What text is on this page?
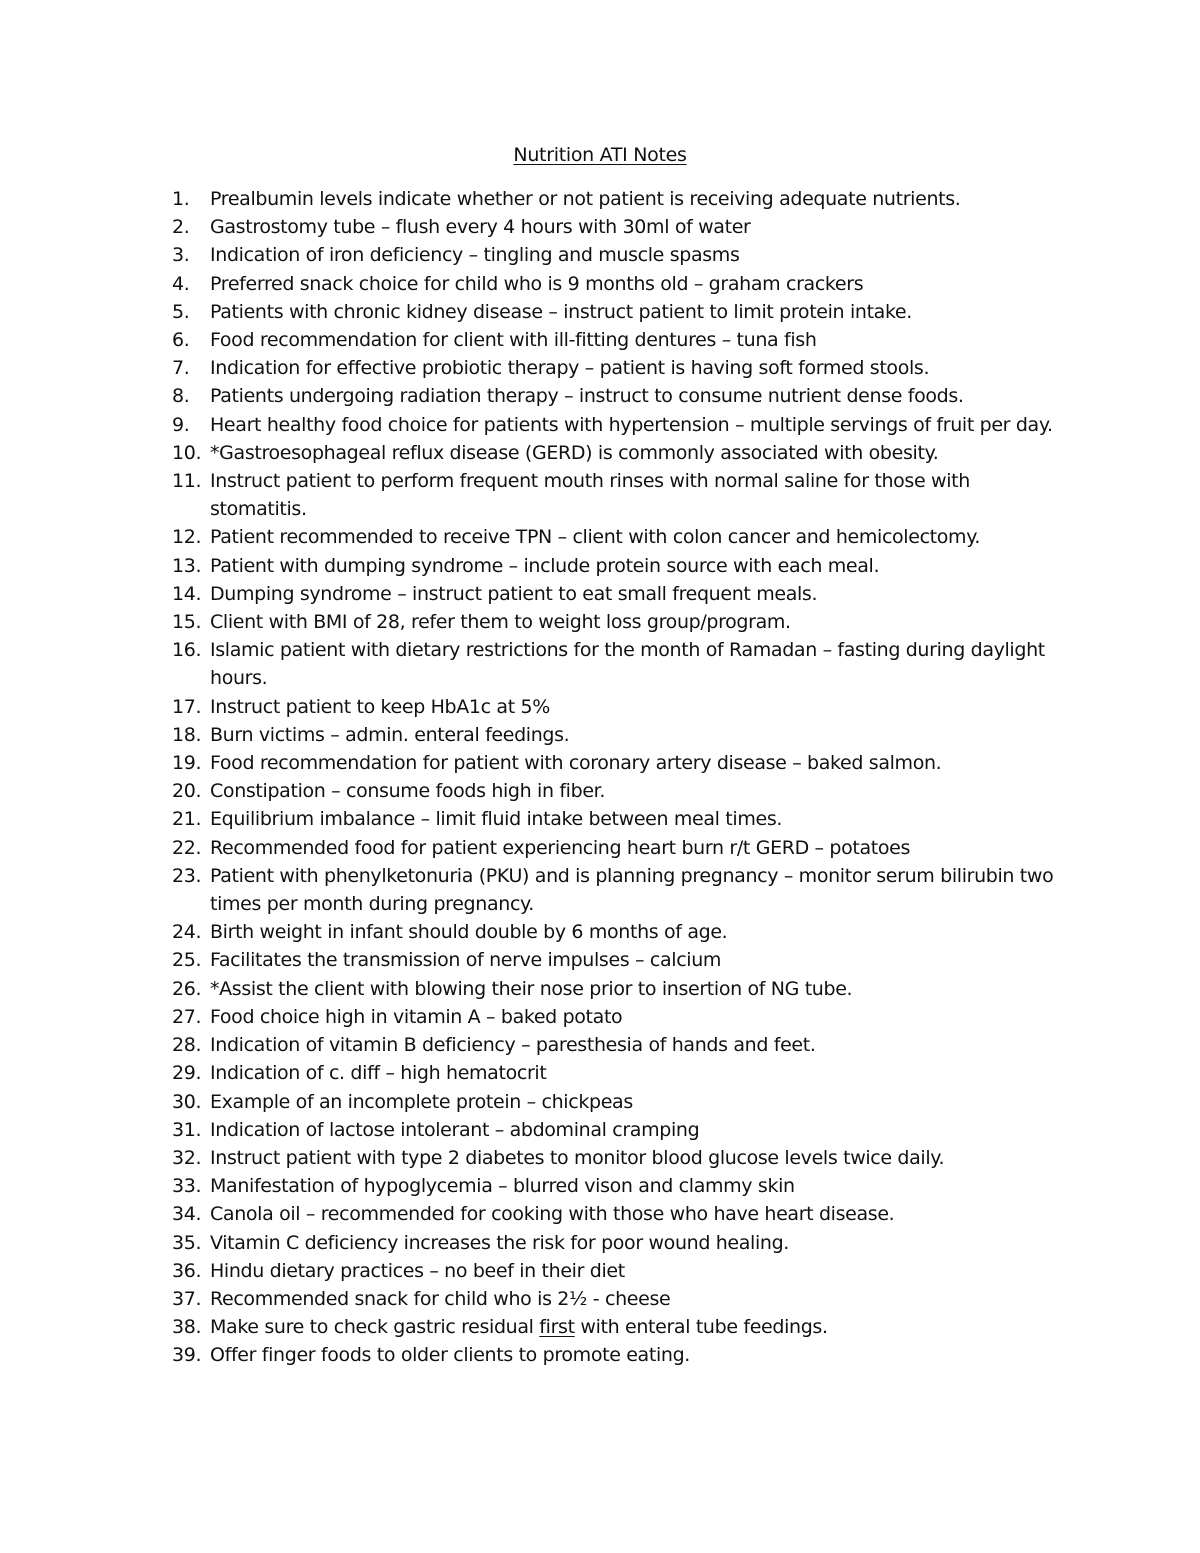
Nutrition ATI Notes
1.	Prealbumin levels indicate whether or not patient is receiving adequate nutrients.
2.	Gastrostomy tube – flush every 4 hours with 30ml of water
3.	Indication of iron deficiency – tingling and muscle spasms
4.	Preferred snack choice for child who is 9 months old – graham crackers
5.	Patients with chronic kidney disease – instruct patient to limit protein intake.
6.	Food recommendation for client with ill-fitting dentures – tuna fish
7.	Indication for effective probiotic therapy – patient is having soft formed stools.
8.	Patients undergoing radiation therapy – instruct to consume nutrient dense foods.
9.	Heart healthy food choice for patients with hypertension – multiple servings of fruit per day.
10. *Gastroesophageal reflux disease (GERD) is commonly associated with obesity.
11. Instruct patient to perform frequent mouth rinses with normal saline for those with stomatitis.
12. Patient recommended to receive TPN – client with colon cancer and hemicolectomy.
13. Patient with dumping syndrome – include protein source with each meal.
14. Dumping syndrome – instruct patient to eat small frequent meals.
15. Client with BMI of 28, refer them to weight loss group/program.
16. Islamic patient with dietary restrictions for the month of Ramadan – fasting during daylight hours.
17. Instruct patient to keep HbA1c at 5%
18. Burn victims – admin. enteral feedings.
19. Food recommendation for patient with coronary artery disease – baked salmon.
20. Constipation – consume foods high in fiber.
21. Equilibrium imbalance – limit fluid intake between meal times.
22. Recommended food for patient experiencing heart burn r/t GERD – potatoes
23. Patient with phenylketonuria (PKU) and is planning pregnancy – monitor serum bilirubin two times per month during pregnancy.
24. Birth weight in infant should double by 6 months of age.
25. Facilitates the transmission of nerve impulses – calcium
26. *Assist the client with blowing their nose prior to insertion of NG tube.
27. Food choice high in vitamin A – baked potato
28. Indication of vitamin B deficiency – paresthesia of hands and feet.
29. Indication of c. diff – high hematocrit
30. Example of an incomplete protein – chickpeas
31. Indication of lactose intolerant – abdominal cramping
32. Instruct patient with type 2 diabetes to monitor blood glucose levels twice daily.
33. Manifestation of hypoglycemia – blurred vison and clammy skin
34. Canola oil – recommended for cooking with those who have heart disease.
35. Vitamin C deficiency increases the risk for poor wound healing.
36. Hindu dietary practices – no beef in their diet
37. Recommended snack for child who is 2½ - cheese
38. Make sure to check gastric residual first with enteral tube feedings.
39. Offer finger foods to older clients to promote eating.
